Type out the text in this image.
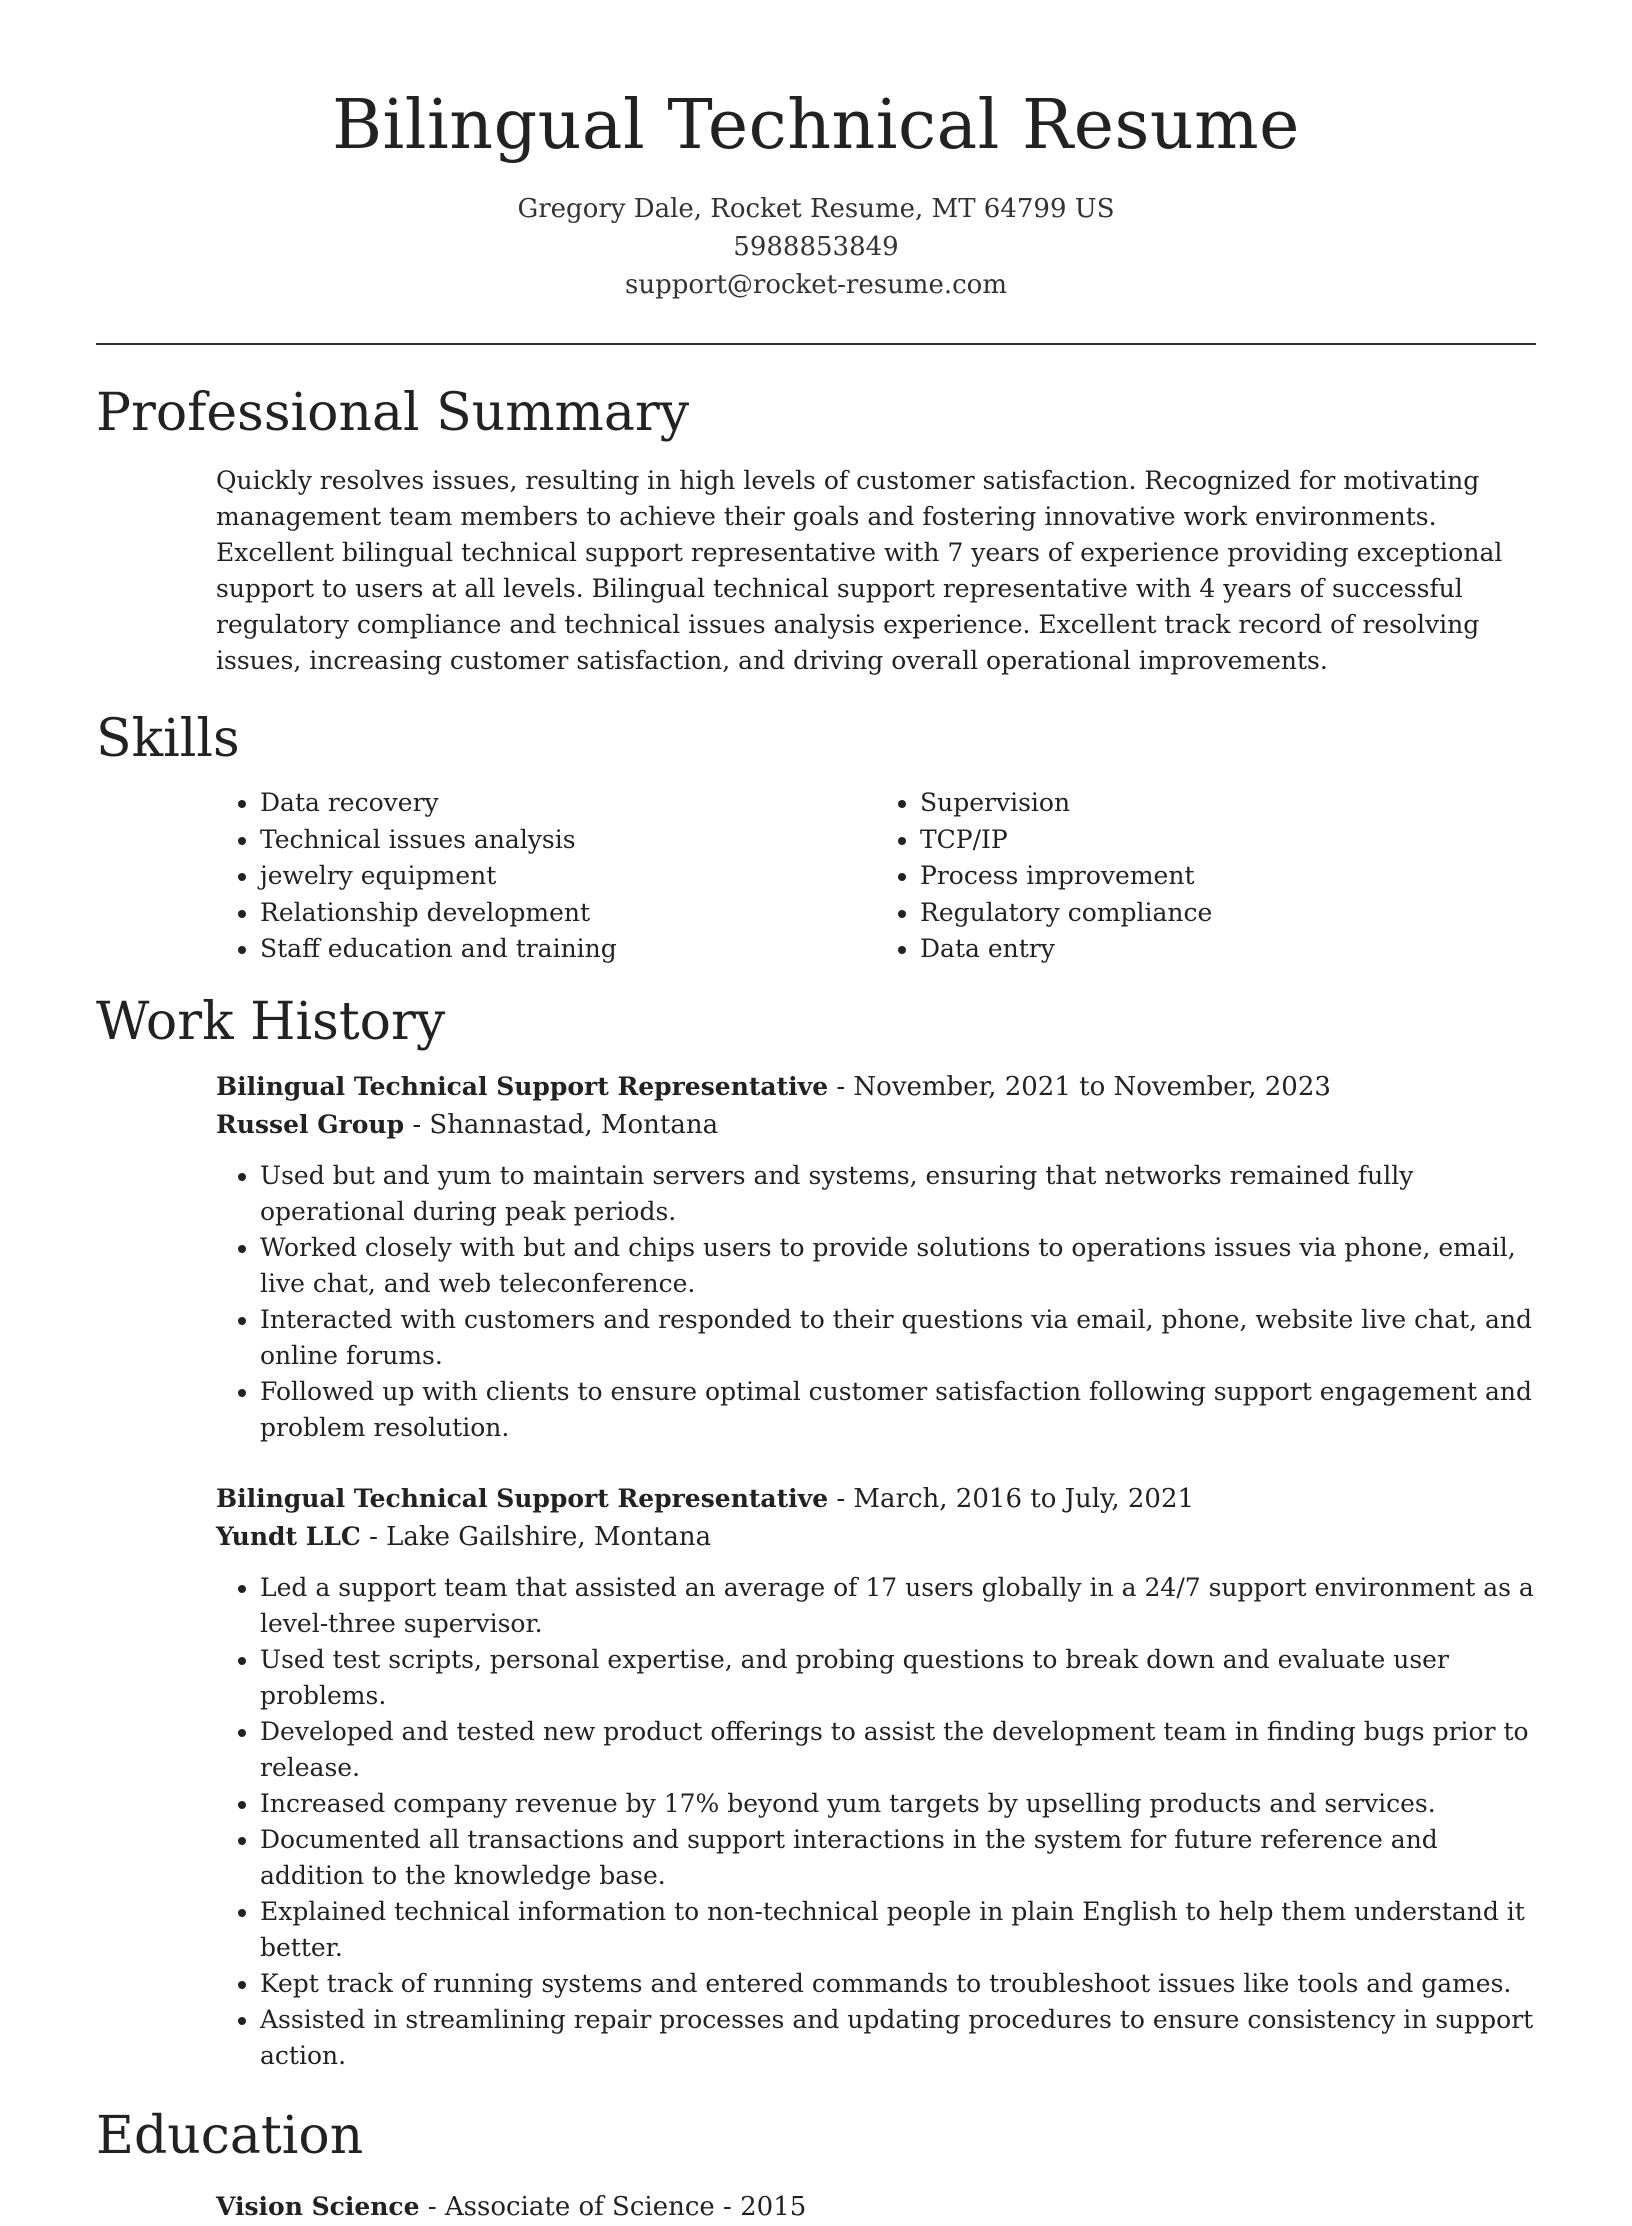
Bilingual Technical Resume
Gregory Dale, Rocket Resume, MT 64799 US
5988853849
support@rocket-resume.com
Professional Summary
Quickly resolves issues, resulting in high levels of customer satisfaction. Recognized for motivating management team members to achieve their goals and fostering innovative work environments. Excellent bilingual technical support representative with 7 years of experience providing exceptional support to users at all levels. Bilingual technical support representative with 4 years of successful regulatory compliance and technical issues analysis experience. Excellent track record of resolving issues, increasing customer satisfaction, and driving overall operational improvements.
Skills
• Data recovery
• Technical issues analysis
• jewelry equipment
• Relationship development
• Staff education and training
• Supervision
• TCP/IP
• Process improvement
• Regulatory compliance
• Data entry
Work History
Bilingual Technical Support Representative - November, 2021 to November, 2023
Russel Group - Shannastad, Montana
• Used but and yum to maintain servers and systems, ensuring that networks remained fully operational during peak periods.
• Worked closely with but and chips users to provide solutions to operations issues via phone, email, live chat, and web teleconference.
• Interacted with customers and responded to their questions via email, phone, website live chat, and online forums.
• Followed up with clients to ensure optimal customer satisfaction following support engagement and problem resolution.
Bilingual Technical Support Representative - March, 2016 to July, 2021
Yundt LLC - Lake Gailshire, Montana
• Led a support team that assisted an average of 17 users globally in a 24/7 support environment as a level-three supervisor.
• Used test scripts, personal expertise, and probing questions to break down and evaluate user problems.
• Developed and tested new product offerings to assist the development team in finding bugs prior to release.
• Increased company revenue by 17% beyond yum targets by upselling products and services.
• Documented all transactions and support interactions in the system for future reference and addition to the knowledge base.
• Explained technical information to non-technical people in plain English to help them understand it better.
• Kept track of running systems and entered commands to troubleshoot issues like tools and games.
• Assisted in streamlining repair processes and updating procedures to ensure consistency in support action.
Education
Vision Science - Associate of Science - 2015
